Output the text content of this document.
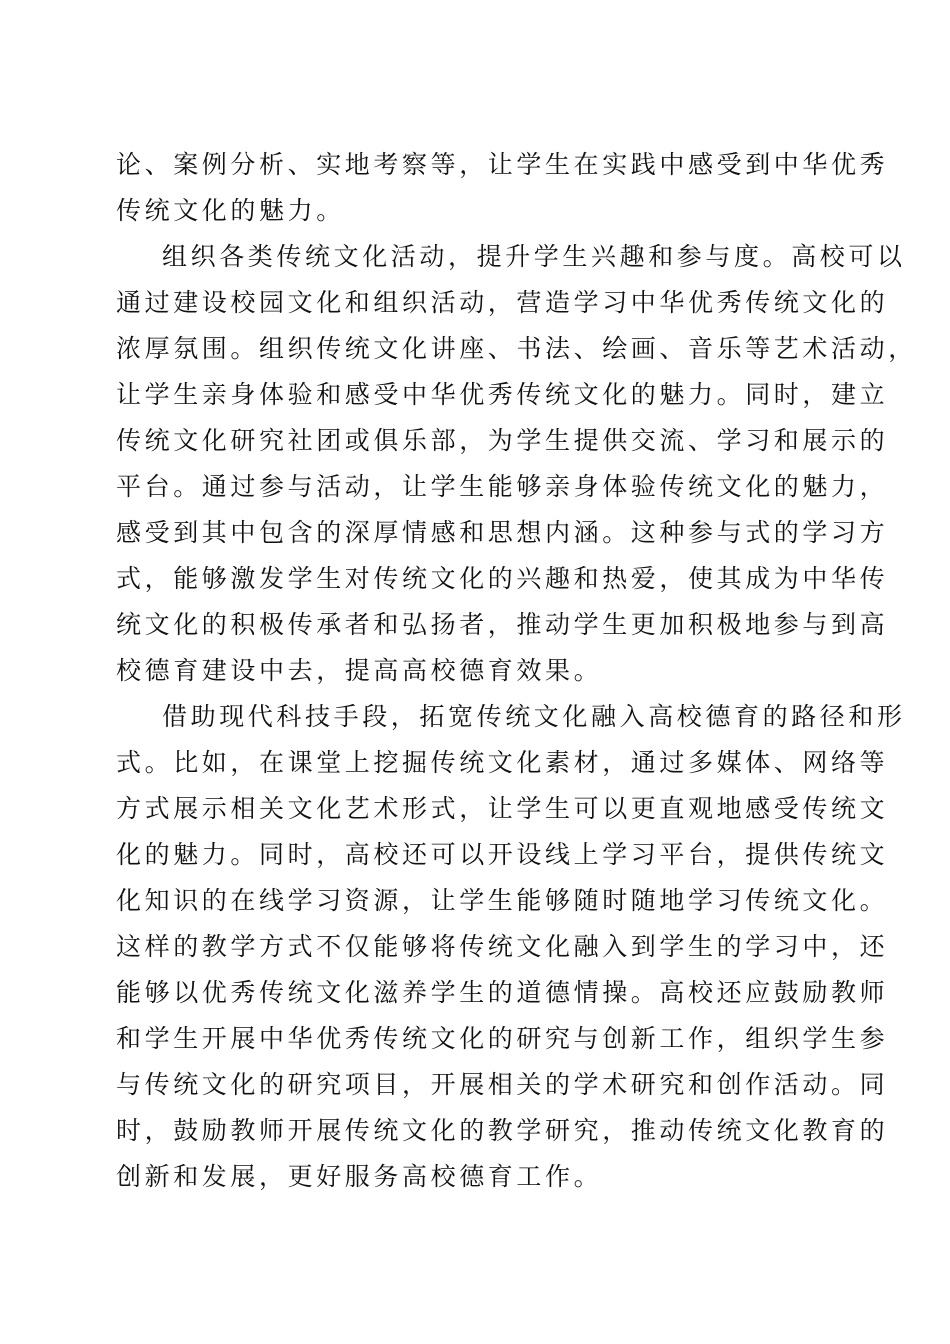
论、案例分析、实地考察等，让学生在实践中感受到中华优秀
传统文化的魅力。
组织各类传统文化活动，提升学生兴趣和参与度。高校可以
通过建设校园文化和组织活动，营造学习中华优秀传统文化的
浓厚氛围。组织传统文化讲座、书法、绘画、音乐等艺术活动，
让学生亲身体验和感受中华优秀传统文化的魅力。同时，建立
传统文化研究社团或俱乐部，为学生提供交流、学习和展示的
平台。通过参与活动，让学生能够亲身体验传统文化的魅力，
感受到其中包含的深厚情感和思想内涵。这种参与式的学习方
式，能够激发学生对传统文化的兴趣和热爱，使其成为中华传
统文化的积极传承者和弘扬者，推动学生更加积极地参与到高
校德育建设中去，提高高校德育效果。
借助现代科技手段，拓宽传统文化融入高校德育的路径和形
式。比如，在课堂上挖掘传统文化素材，通过多媒体、网络等
方式展示相关文化艺术形式，让学生可以更直观地感受传统文
化的魅力。同时，高校还可以开设线上学习平台，提供传统文
化知识的在线学习资源，让学生能够随时随地学习传统文化。
这样的教学方式不仅能够将传统文化融入到学生的学习中，还
能够以优秀传统文化滋养学生的道德情操。高校还应鼓励教师
和学生开展中华优秀传统文化的研究与创新工作，组织学生参
与传统文化的研究项目，开展相关的学术研究和创作活动。同
时，鼓励教师开展传统文化的教学研究，推动传统文化教育的
创新和发展，更好服务高校德育工作。
